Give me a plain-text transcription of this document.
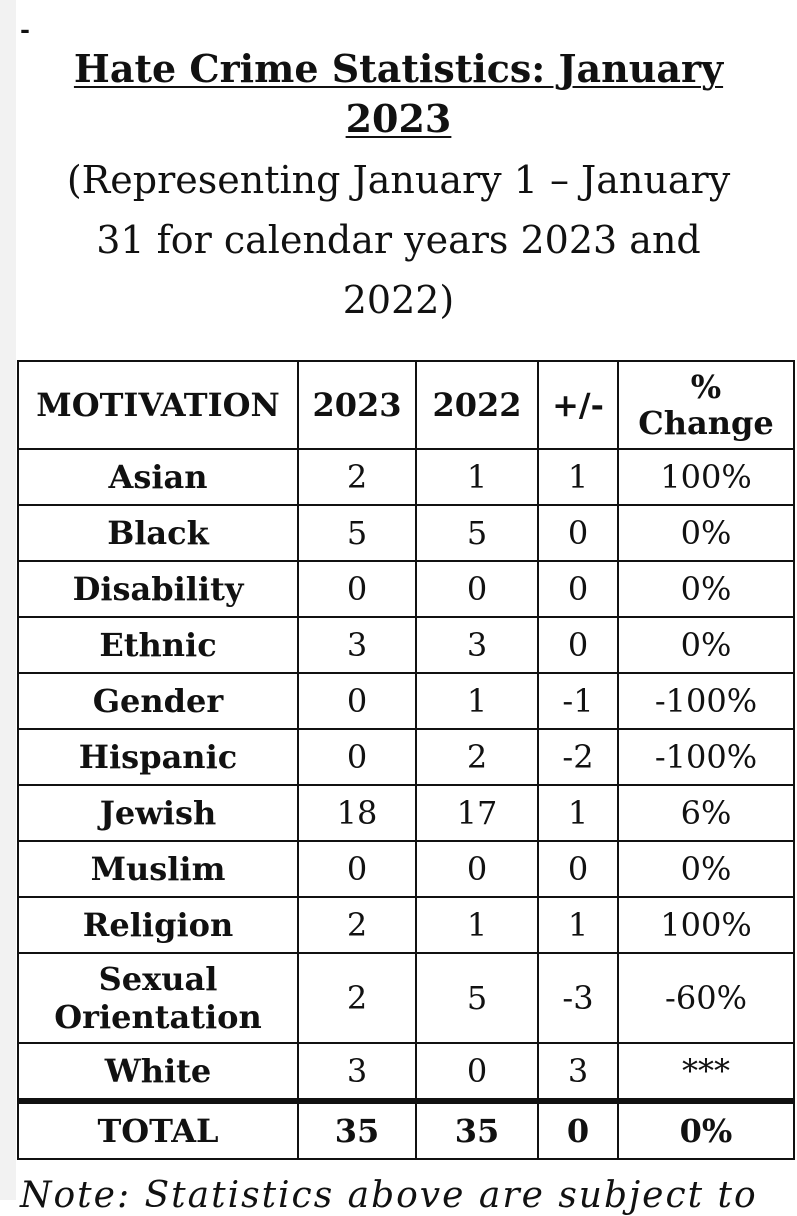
-
Hate Crime Statistics: January
2023
(Representing January 1 – January
31 for calendar years 2023 and
2022)
MOTIVATION	2023	2022	+/-	%
Change
Asian	2	1	1	100%
Black	5	5	0	0%
Disability	0	0	0	0%
Ethnic	3	3	0	0%
Gender	0	1	-1	-100%
Hispanic	0	2	-2	-100%
Jewish	18	17	1	6%
Muslim	0	0	0	0%
Religion	2	1	1	100%
Sexual
Orientation	2	5	-3	-60%
White	3	0	3	***
TOTAL	35	35	0	0%
Note: Statistics above are subject to
